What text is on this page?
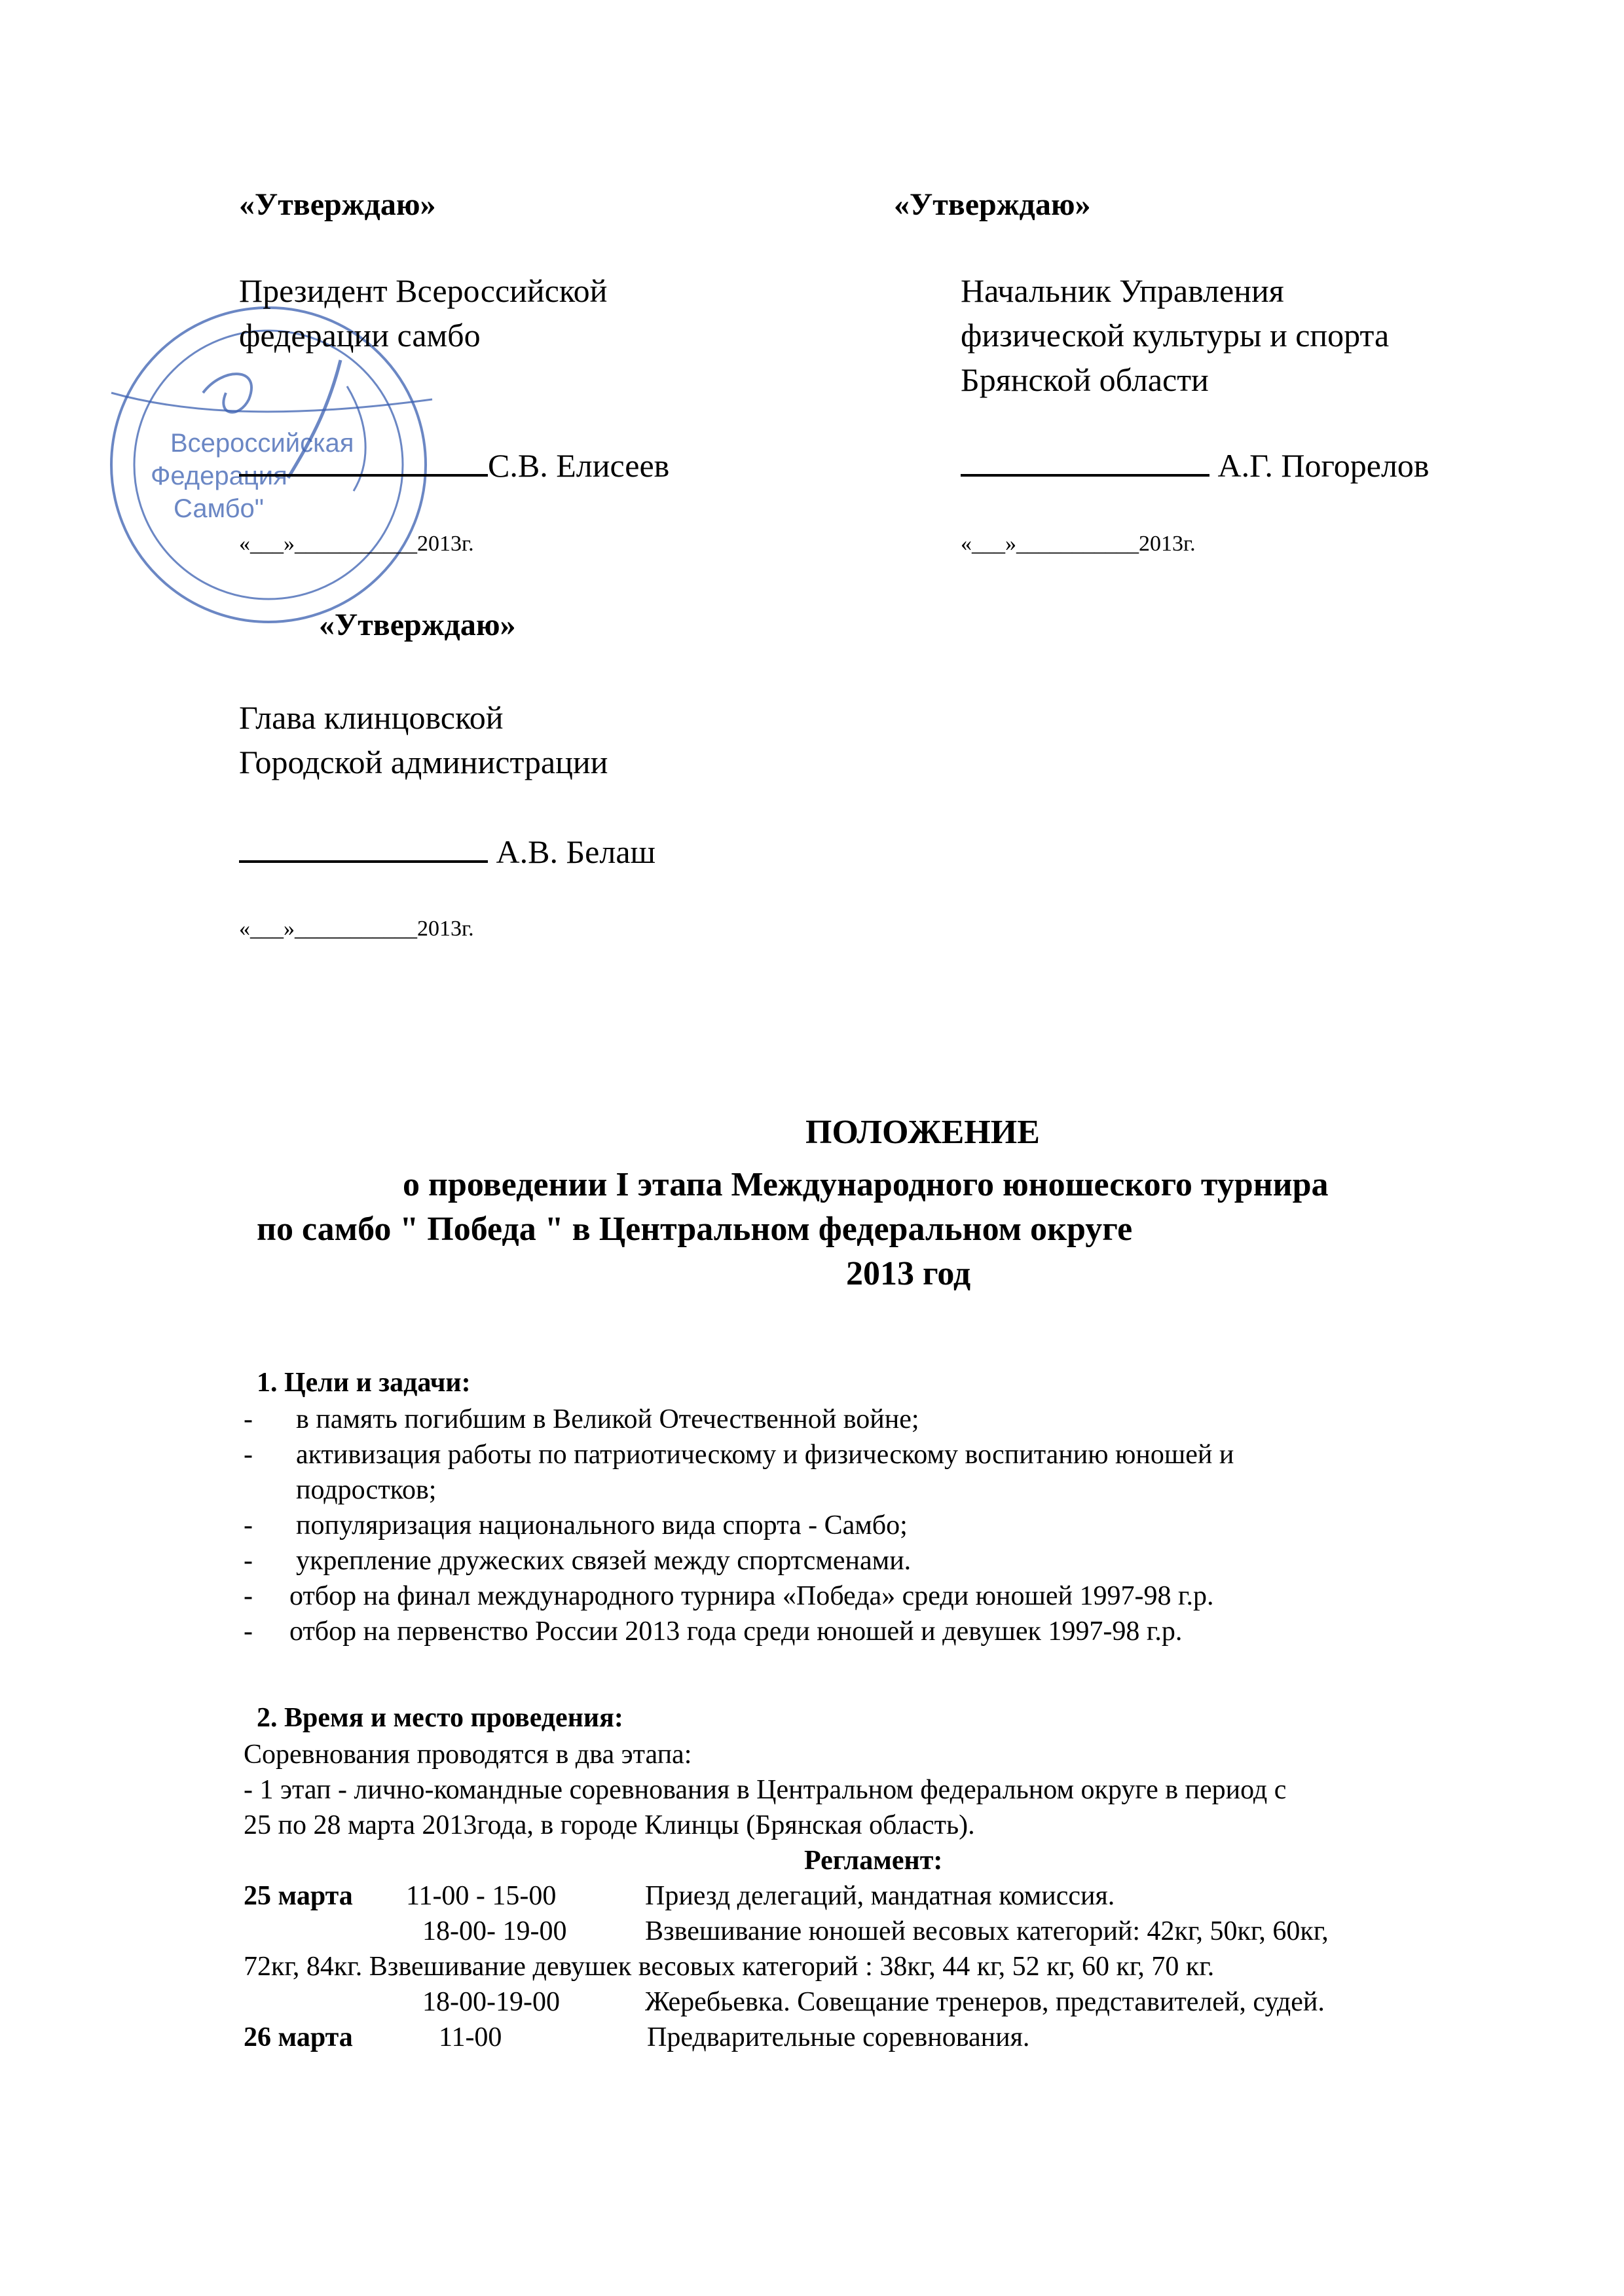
Всероссийская
Федерация
Самбо"
«Утверждаю»
Президент Всероссийской
федерации самбо
С.В. Елисеев
«___»___________2013г.
«Утверждаю»
Начальник Управления
физической культуры и спорта
Брянской области
А.Г. Погорелов
«___»___________2013г.
«Утверждаю»
Глава клинцовской
Городской администрации
А.В. Белаш
«___»___________2013г.
ПОЛОЖЕНИЕ
о проведении I этапа Международного юношеского турнира
по самбо " Победа " в Центральном федеральном округе
2013 год
1. Цели и задачи:
- в память погибшим в Великой Отечественной войне;
- активизация работы по патриотическому и физическому воспитанию юношей и
подростков;
- популяризация национального вида спорта - Самбо;
- укрепление дружеских связей между спортсменами.
- отбор на финал международного турнира «Победа» среди юношей 1997-98 г.р.
- отбор на первенство России 2013 года среди юношей и девушек 1997-98 г.р.
2. Время и место проведения:
Соревнования проводятся в два этапа:
- 1 этап - лично-командные соревнования в Центральном федеральном округе в период с
25 по 28 марта 2013года, в городе Клинцы (Брянская область).
Регламент:
25 марта 11-00 - 15-00	Приезд делегаций, мандатная комиссия.
18-00- 19-00	Взвешивание юношей весовых категорий: 42кг, 50кг, 60кг,
72кг, 84кг. Взвешивание девушек весовых категорий : 38кг, 44 кг, 52 кг, 60 кг, 70 кг.
18-00-19-00	Жеребьевка. Совещание тренеров, представителей, судей.
26 марта	11-00	Предварительные соревнования.
